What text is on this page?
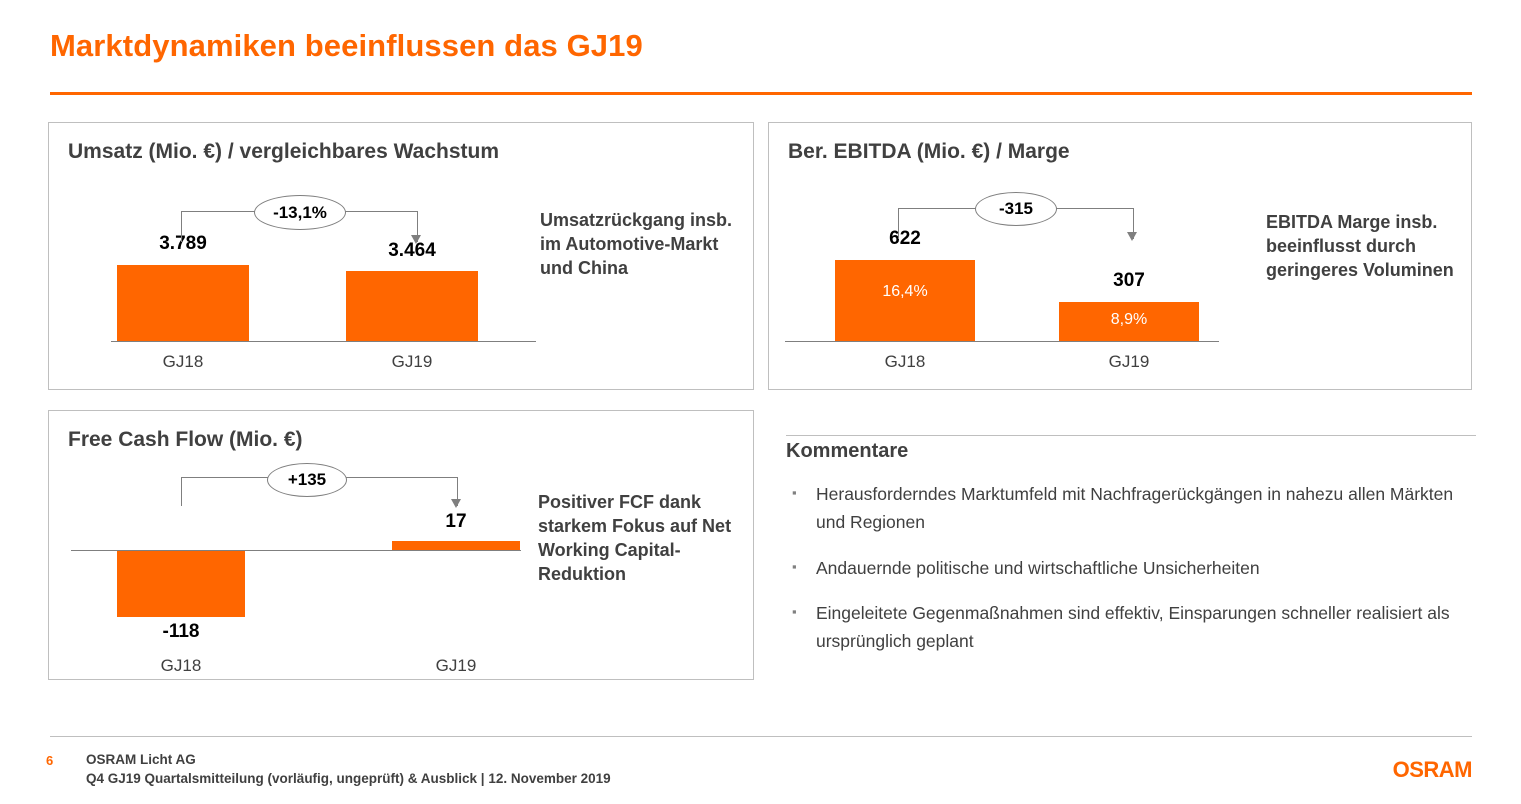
Marktdynamiken beeinflussen das GJ19
Umsatz (Mio. €) / vergleichbares Wachstum
3.789	3.464
-13,1%
GJ18	GJ19
Umsatzrückgang insb. im Automotive-Markt und China
Ber. EBITDA (Mio. €) / Marge
622
307
16,4%
8,9%
-315
GJ18	GJ19
EBITDA Marge insb. beeinflusst durch geringeres Voluminen
Free Cash Flow (Mio. €)
-118
17
+135
GJ18	GJ19
Positiver FCF dank starkem Fokus auf Net Working Capital-Reduktion
Kommentare
▪	Herausforderndes Marktumfeld mit Nachfragerückgängen in nahezu allen Märkten und Regionen
▪	Andauernde politische und wirtschaftliche Unsicherheiten
▪	Eingeleitete Gegenmaßnahmen sind effektiv, Einsparungen schneller realisiert als ursprünglich geplant
6 OSRAM Licht AG
Q4 GJ19 Quartalsmitteilung (vorläufig, ungeprüft) & Ausblick | 12. November 2019	OSRAM
